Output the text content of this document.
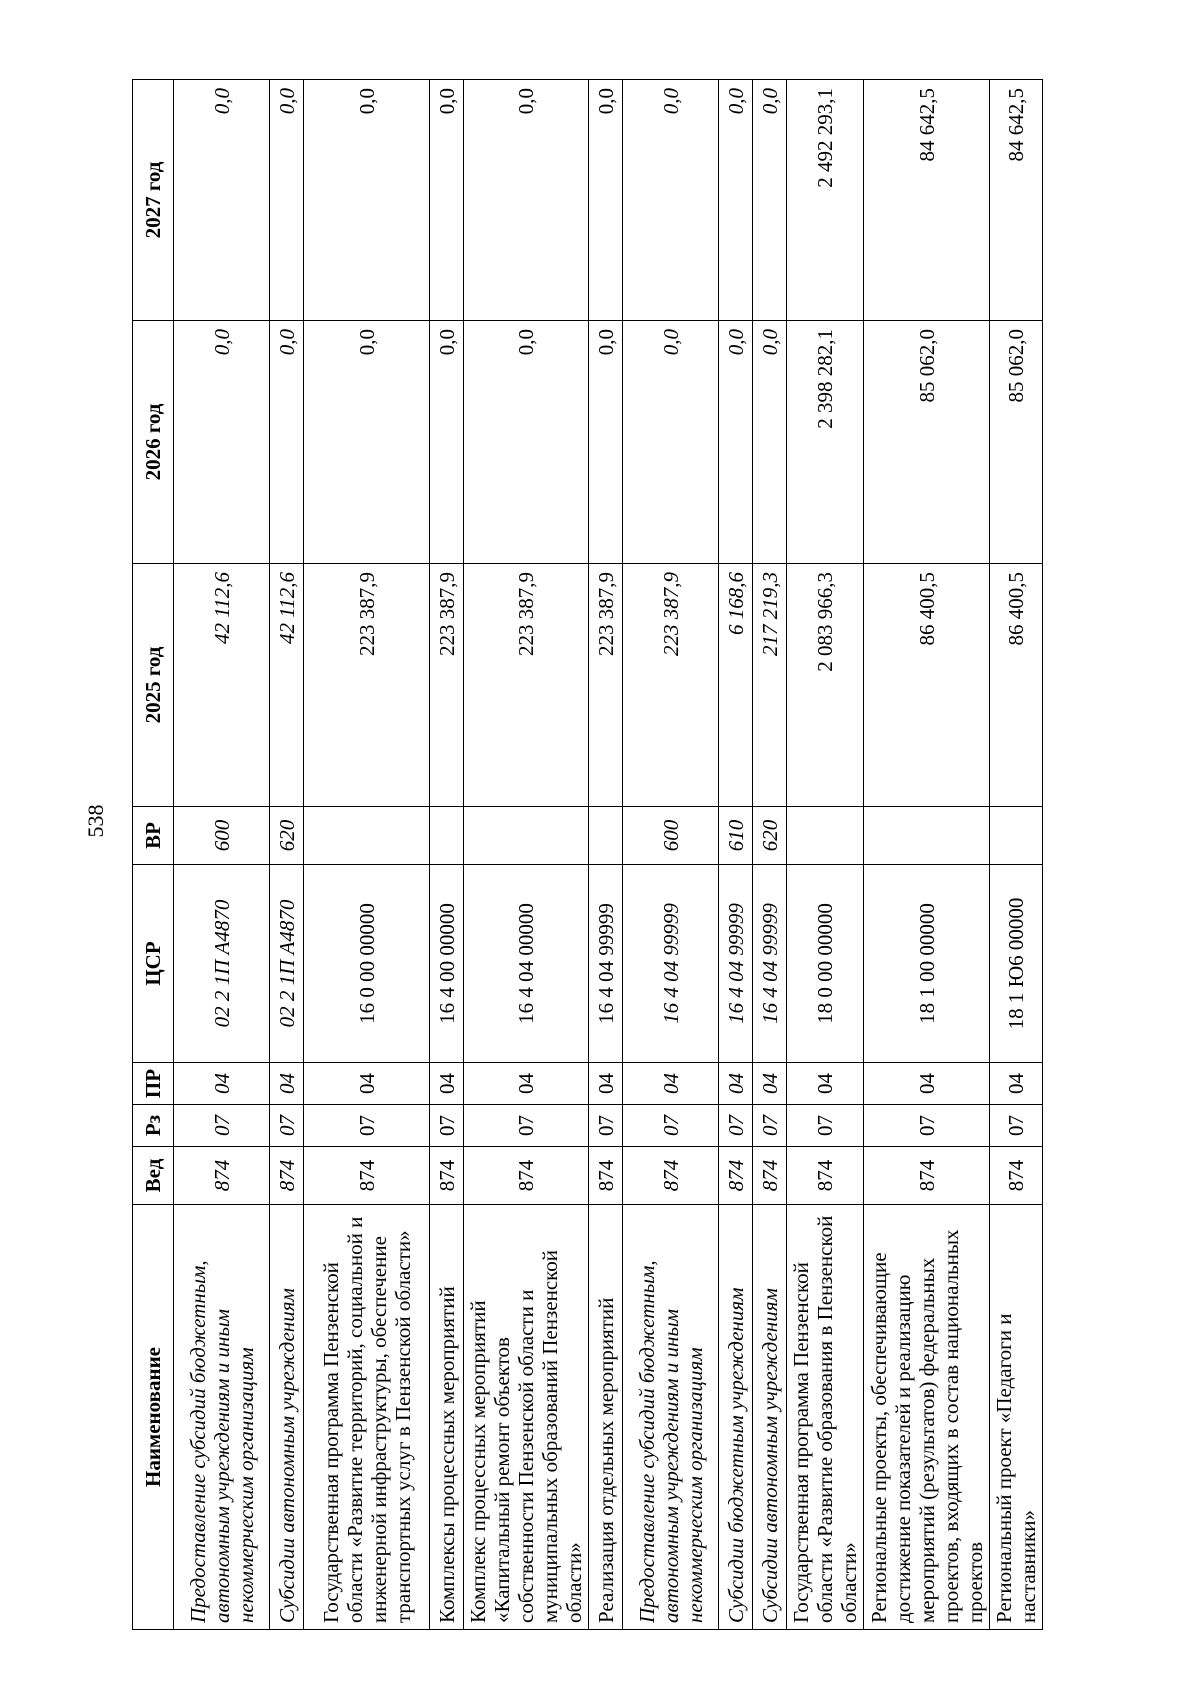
538
Наименование	Вед	Рз	ПР	ЦСР	ВР	2025 год	2026 год	2027 год
Предоставление субсидий бюджетным, автономным учреждениям и иным некоммерческим организациям	874	07	04	02 2 1П А4870	600	42 112,6	0,0	0,0
Субсидии автономным учреждениям	874	07	04	02 2 1П А4870	620	42 112,6	0,0	0,0
Государственная программа Пензенской области «Развитие территорий, социальной и инженерной инфраструктуры, обеспечение транспортных услуг в Пензенской области»	874	07	04	16 0 00 00000		223 387,9	0,0	0,0
Комплексы процессных мероприятий	874	07	04	16 4 00 00000		223 387,9	0,0	0,0
Комплекс процессных мероприятий «Капитальный ремонт объектов собственности Пензенской области и муниципальных образований Пензенской области»	874	07	04	16 4 04 00000		223 387,9	0,0	0,0
Реализация отдельных мероприятий	874	07	04	16 4 04 99999		223 387,9	0,0	0,0
Предоставление субсидий бюджетным, автономным учреждениям и иным некоммерческим организациям	874	07	04	16 4 04 99999	600	223 387,9	0,0	0,0
Субсидии бюджетным учреждениям	874	07	04	16 4 04 99999	610	6 168,6	0,0	0,0
Субсидии автономным учреждениям	874	07	04	16 4 04 99999	620	217 219,3	0,0	0,0
Государственная программа Пензенской области «Развитие образования в Пензенской области»	874	07	04	18 0 00 00000		2 083 966,3	2 398 282,1	2 492 293,1
Региональные проекты, обеспечивающие достижение показателей и реализацию мероприятий (результатов) федеральных проектов, входящих в состав национальных проектов	874	07	04	18 1 00 00000		86 400,5	85 062,0	84 642,5
Региональный проект «Педагоги и наставники»	874	07	04	18 1 Ю6 00000		86 400,5	85 062,0	84 642,5
